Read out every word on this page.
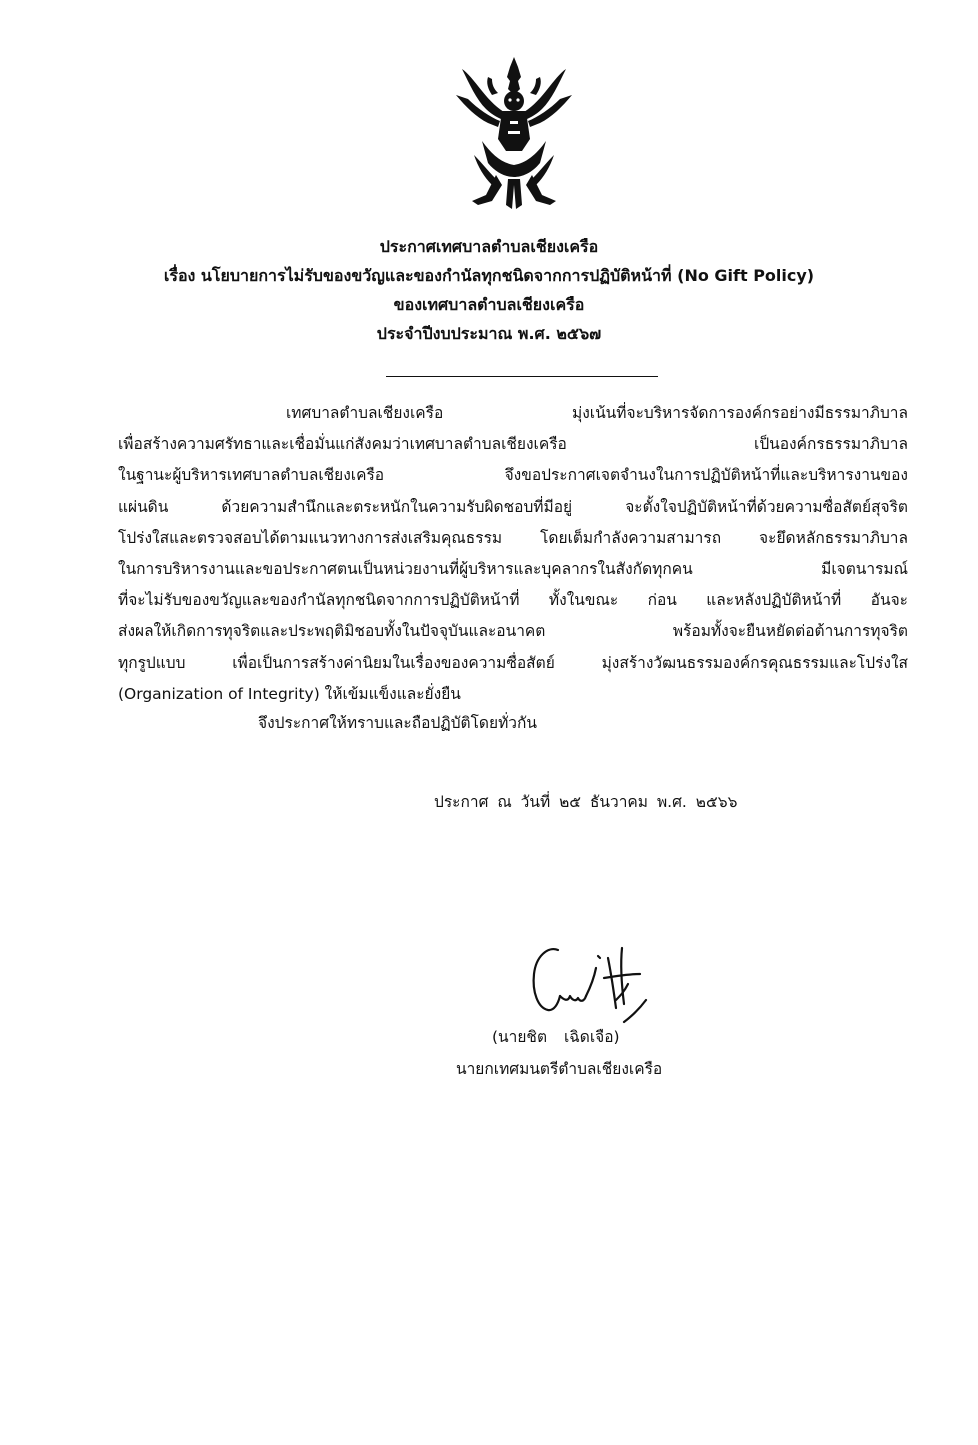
ประกาศเทศบาลตำบลเชียงเครือ
เรื่อง นโยบายการไม่รับของขวัญและของกำนัลทุกชนิดจากการปฏิบัติหน้าที่ (No Gift Policy)
ของเทศบาลตำบลเชียงเครือ
ประจำปีงบประมาณ พ.ศ. ๒๕๖๗
เทศบาลตำบลเชียงเครือ มุ่งเน้นที่จะบริหารจัดการองค์กรอย่างมีธรรมาภิบาล
เพื่อสร้างความศรัทธาและเชื่อมั่นแก่สังคมว่าเทศบาลตำบลเชียงเครือ เป็นองค์กรธรรมาภิบาล
ในฐานะผู้บริหารเทศบาลตำบลเชียงเครือ จึงขอประกาศเจตจำนงในการปฏิบัติหน้าที่และบริหารงานของ
แผ่นดิน ด้วยความสำนึกและตระหนักในความรับผิดชอบที่มีอยู่ จะตั้งใจปฏิบัติหน้าที่ด้วยความซื่อสัตย์สุจริต
โปร่งใสและตรวจสอบได้ตามแนวทางการส่งเสริมคุณธรรม โดยเต็มกำลังความสามารถ จะยึดหลักธรรมาภิบาล
ในการบริหารงานและขอประกาศตนเป็นหน่วยงานที่ผู้บริหารและบุคลากรในสังกัดทุกคน มีเจตนารมณ์
ที่จะไม่รับของขวัญและของกำนัลทุกชนิดจากการปฏิบัติหน้าที่ ทั้งในขณะ ก่อน และหลังปฏิบัติหน้าที่ อันจะ
ส่งผลให้เกิดการทุจริตและประพฤติมิชอบทั้งในปัจจุบันและอนาคต พร้อมทั้งจะยืนหยัดต่อต้านการทุจริต
ทุกรูปแบบ เพื่อเป็นการสร้างค่านิยมในเรื่องของความซื่อสัตย์ มุ่งสร้างวัฒนธรรมองค์กรคุณธรรมและโปร่งใส
(Organization of Integrity) ให้เข้มแข็งและยั่งยืน
จึงประกาศให้ทราบและถือปฏิบัติโดยทั่วกัน
ประกาศ ณ วันที่ ๒๕ ธันวาคม พ.ศ. ๒๕๖๖
(นายชิต เฉิดเจือ)
นายกเทศมนตรีตำบลเชียงเครือ
